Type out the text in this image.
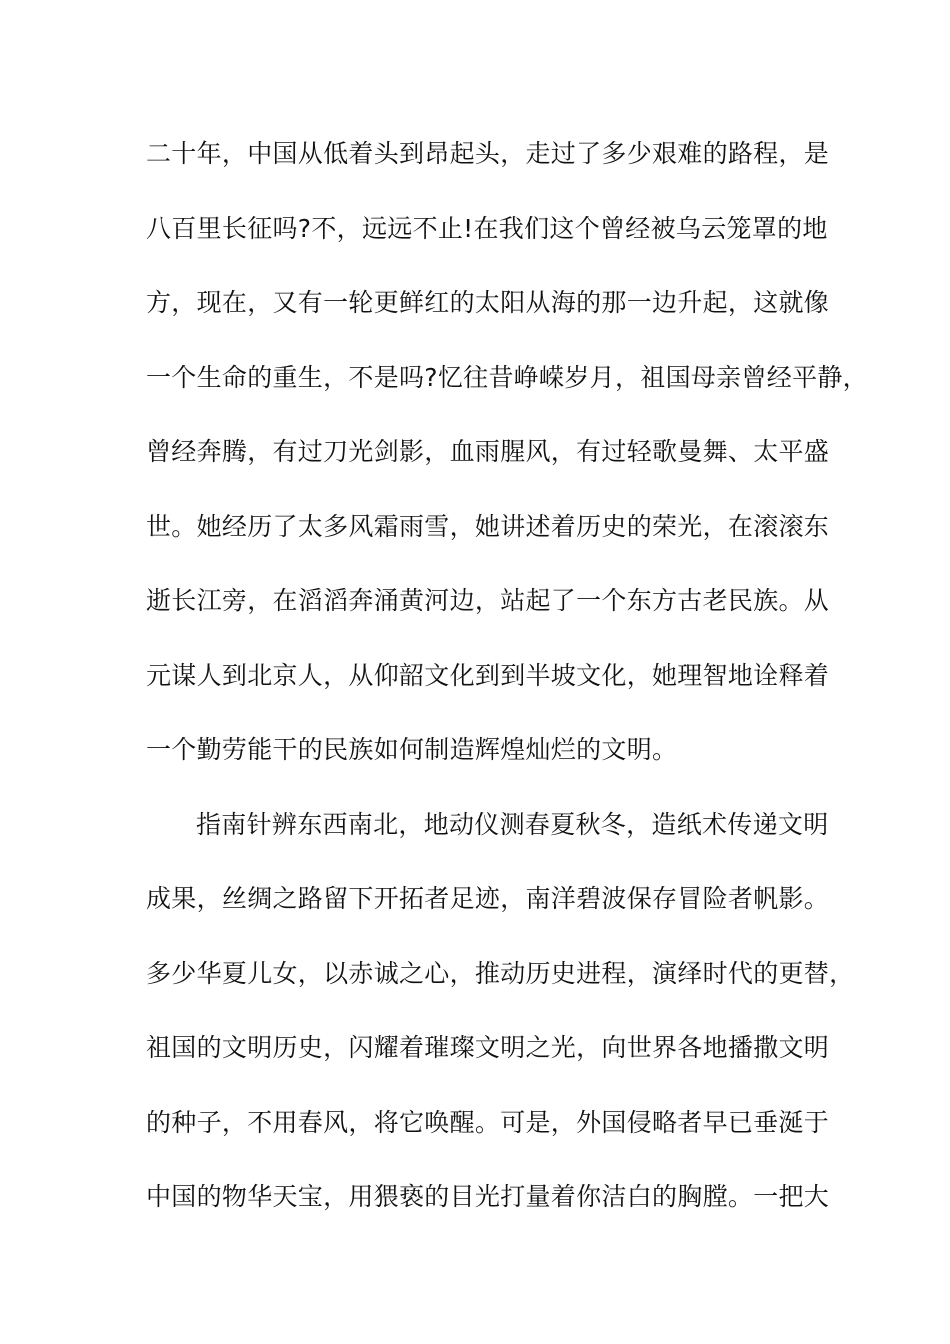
二十年，中国从低着头到昂起头，走过了多少艰难的路程，是
八百里长征吗?不，远远不止!在我们这个曾经被乌云笼罩的地
方，现在，又有一轮更鲜红的太阳从海的那一边升起，这就像
一个生命的重生，不是吗?忆往昔峥嵘岁月，祖国母亲曾经平静，
曾经奔腾，有过刀光剑影，血雨腥风，有过轻歌曼舞、太平盛
世。她经历了太多风霜雨雪，她讲述着历史的荣光，在滚滚东
逝长江旁，在滔滔奔涌黄河边，站起了一个东方古老民族。从
元谋人到北京人，从仰韶文化到到半坡文化，她理智地诠释着
一个勤劳能干的民族如何制造辉煌灿烂的文明。
指南针辨东西南北，地动仪测春夏秋冬，造纸术传递文明
成果，丝绸之路留下开拓者足迹，南洋碧波保存冒险者帆影。
多少华夏儿女，以赤诚之心，推动历史进程，演绎时代的更替，
祖国的文明历史，闪耀着璀璨文明之光，向世界各地播撒文明
的种子，不用春风，将它唤醒。可是，外国侵略者早已垂涎于
中国的物华天宝，用猥亵的目光打量着你洁白的胸膛。一把大
